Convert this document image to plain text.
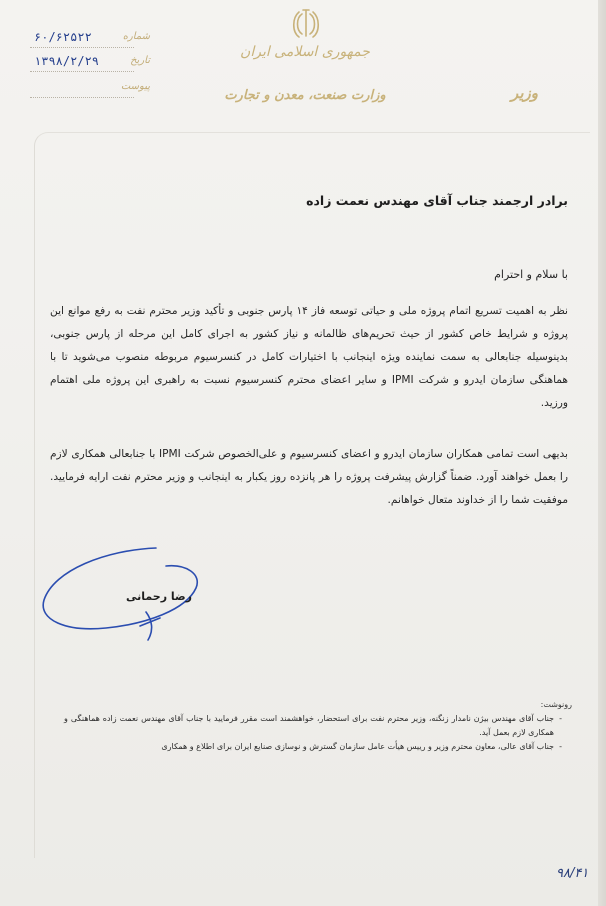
جمهوری اسلامی ایران
وزارت صنعت، معدن و تجارت	وزیر
۶۰/۶۲۵۲۲	شماره
۱۳۹۸/۲/۲۹	تاریخ
پیوست
برادر ارجمند جناب آقای مهندس نعمت زاده
با سلام و احترام
نظر به اهمیت تسریع اتمام پروژه ملی و حیاتی توسعه فاز ۱۴ پارس جنوبی و تأکید وزیر محترم نفت به رفع موانع این پروژه و شرایط خاص کشور از حیث تحریم‌های ظالمانه و نیاز کشور به اجرای کامل این مرحله از پارس جنوبی، بدینوسیله جنابعالی به سمت نماینده ویژه اینجانب با اختیارات کامل در کنسرسیوم مربوطه منصوب می‌شوید تا با هماهنگی سازمان ایدرو و شرکت IPMI و سایر اعضای محترم کنسرسیوم نسبت به راهبری این پروژه ملی اهتمام ورزید.
بدیهی است تمامی همکاران سازمان ایدرو و اعضای کنسرسیوم و علی‌الخصوص شرکت IPMI با جنابعالی همکاری لازم را بعمل خواهند آورد. ضمناً گزارش پیشرفت پروژه را هر پانزده روز یکبار به اینجانب و وزیر محترم نفت ارایه فرمایید. موفقیت شما را از خداوند متعال خواهانم.
رضا رحمانی
رونوشت:
- جناب آقای مهندس بیژن نامدار زنگنه، وزیر محترم نفت برای استحضار، خواهشمند است مقرر فرمایید با جناب آقای مهندس نعمت زاده هماهنگی و همکاری لازم بعمل آید.
- جناب آقای عالی، معاون محترم وزیر و رییس هیأت عامل سازمان گسترش و نوسازی صنایع ایران برای اطلاع و همکاری
۹۸/۴۱
